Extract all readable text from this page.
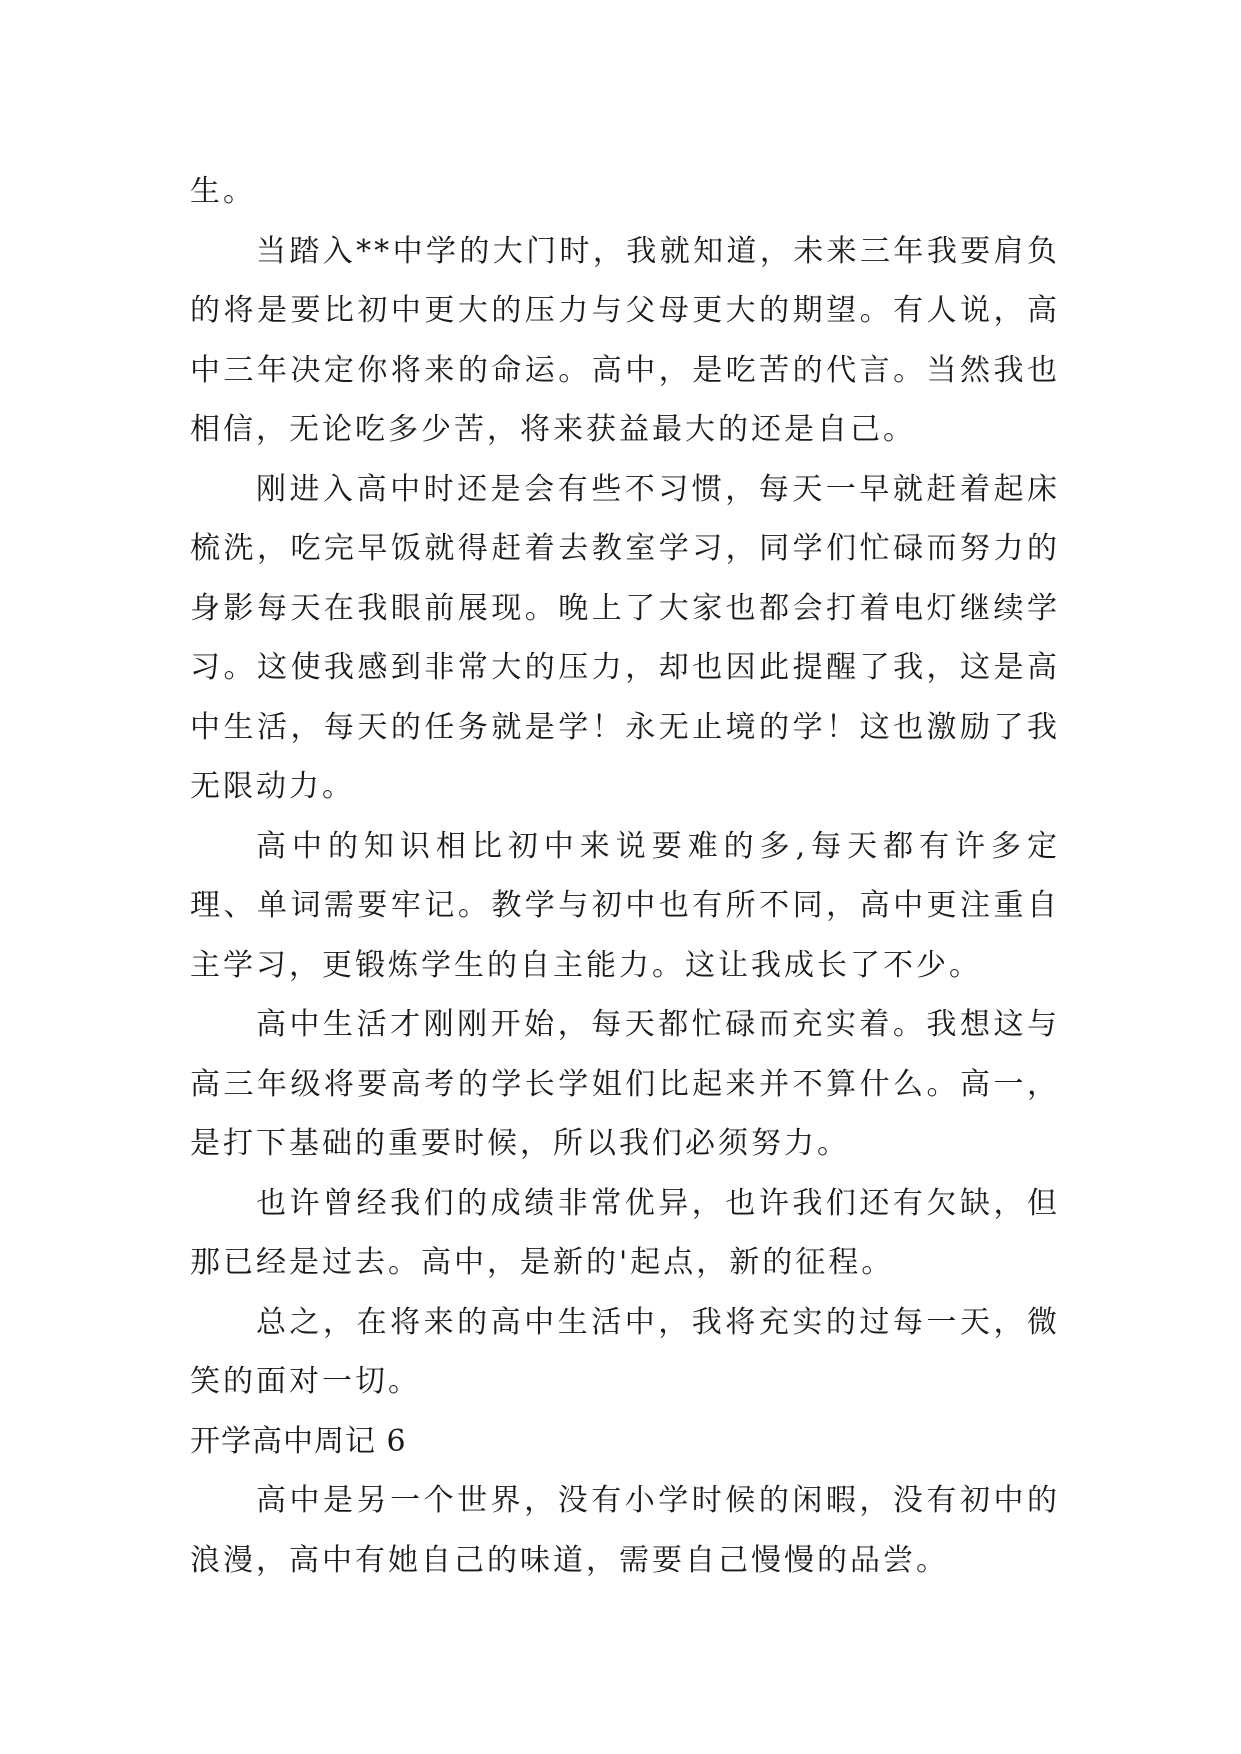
生。

当踏入**中学的大门时，我就知道，未来三年我要肩负的将是要比初中更大的压力与父母更大的期望。有人说，高中三年决定你将来的命运。高中，是吃苦的代言。当然我也相信，无论吃多少苦，将来获益最大的还是自己。

刚进入高中时还是会有些不习惯，每天一早就赶着起床梳洗，吃完早饭就得赶着去教室学习，同学们忙碌而努力的身影每天在我眼前展现。晚上了大家也都会打着电灯继续学习。这使我感到非常大的压力，却也因此提醒了我，这是高中生活，每天的任务就是学！永无止境的学！这也激励了我无限动力。

高中的知识相比初中来说要难的多,每天都有许多定理、单词需要牢记。教学与初中也有所不同，高中更注重自主学习，更锻炼学生的自主能力。这让我成长了不少。

高中生活才刚刚开始，每天都忙碌而充实着。我想这与高三年级将要高考的学长学姐们比起来并不算什么。高一，是打下基础的重要时候，所以我们必须努力。

也许曾经我们的成绩非常优异，也许我们还有欠缺，但那已经是过去。高中，是新的'起点，新的征程。

总之，在将来的高中生活中，我将充实的过每一天，微笑的面对一切。

开学高中周记 6

高中是另一个世界，没有小学时候的闲暇，没有初中的浪漫，高中有她自己的味道，需要自己慢慢的品尝。
